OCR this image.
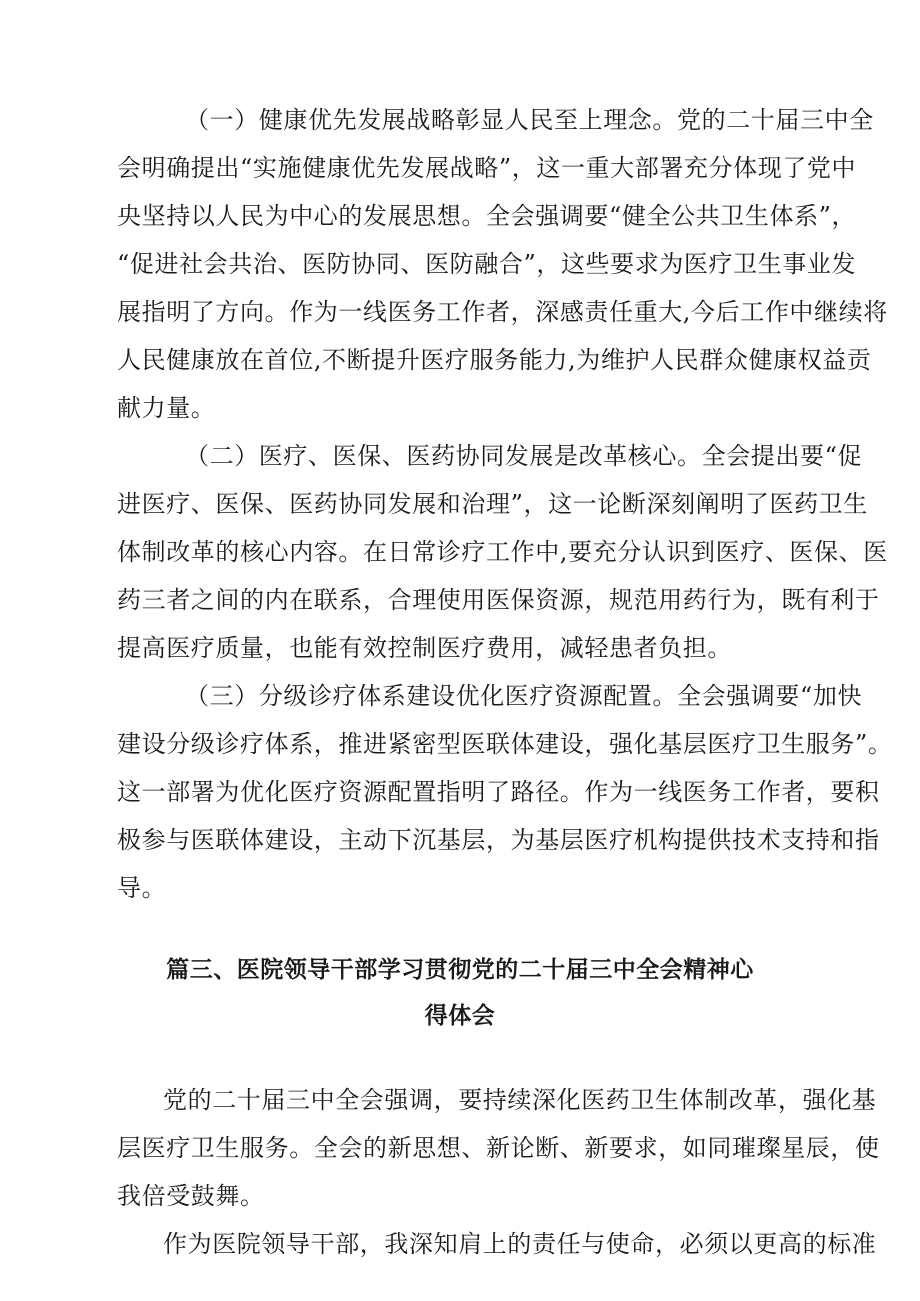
（一）健康优先发展战略彰显人民至上理念。党的二十届三中全
会明确提出“实施健康优先发展战略”，这一重大部署充分体现了党中
央坚持以人民为中心的发展思想。全会强调要“健全公共卫生体系”，
“促进社会共治、医防协同、医防融合”，这些要求为医疗卫生事业发
展指明了方向。作为一线医务工作者，深感责任重大,今后工作中继续将
人民健康放在首位,不断提升医疗服务能力,为维护人民群众健康权益贡
献力量。
（二）医疗、医保、医药协同发展是改革核心。全会提出要“促
进医疗、医保、医药协同发展和治理”，这一论断深刻阐明了医药卫生
体制改革的核心内容。在日常诊疗工作中,要充分认识到医疗、医保、医
药三者之间的内在联系，合理使用医保资源，规范用药行为，既有利于
提高医疗质量，也能有效控制医疗费用，减轻患者负担。
（三）分级诊疗体系建设优化医疗资源配置。全会强调要“加快
建设分级诊疗体系，推进紧密型医联体建设，强化基层医疗卫生服务”。
这一部署为优化医疗资源配置指明了路径。作为一线医务工作者，要积
极参与医联体建设，主动下沉基层，为基层医疗机构提供技术支持和指
导。
篇三、医院领导干部学习贯彻党的二十届三中全会精神心
得体会
党的二十届三中全会强调，要持续深化医药卫生体制改革，强化基
层医疗卫生服务。全会的新思想、新论断、新要求，如同璀璨星辰，使
我倍受鼓舞。
作为医院领导干部，我深知肩上的责任与使命，必须以更高的标准
